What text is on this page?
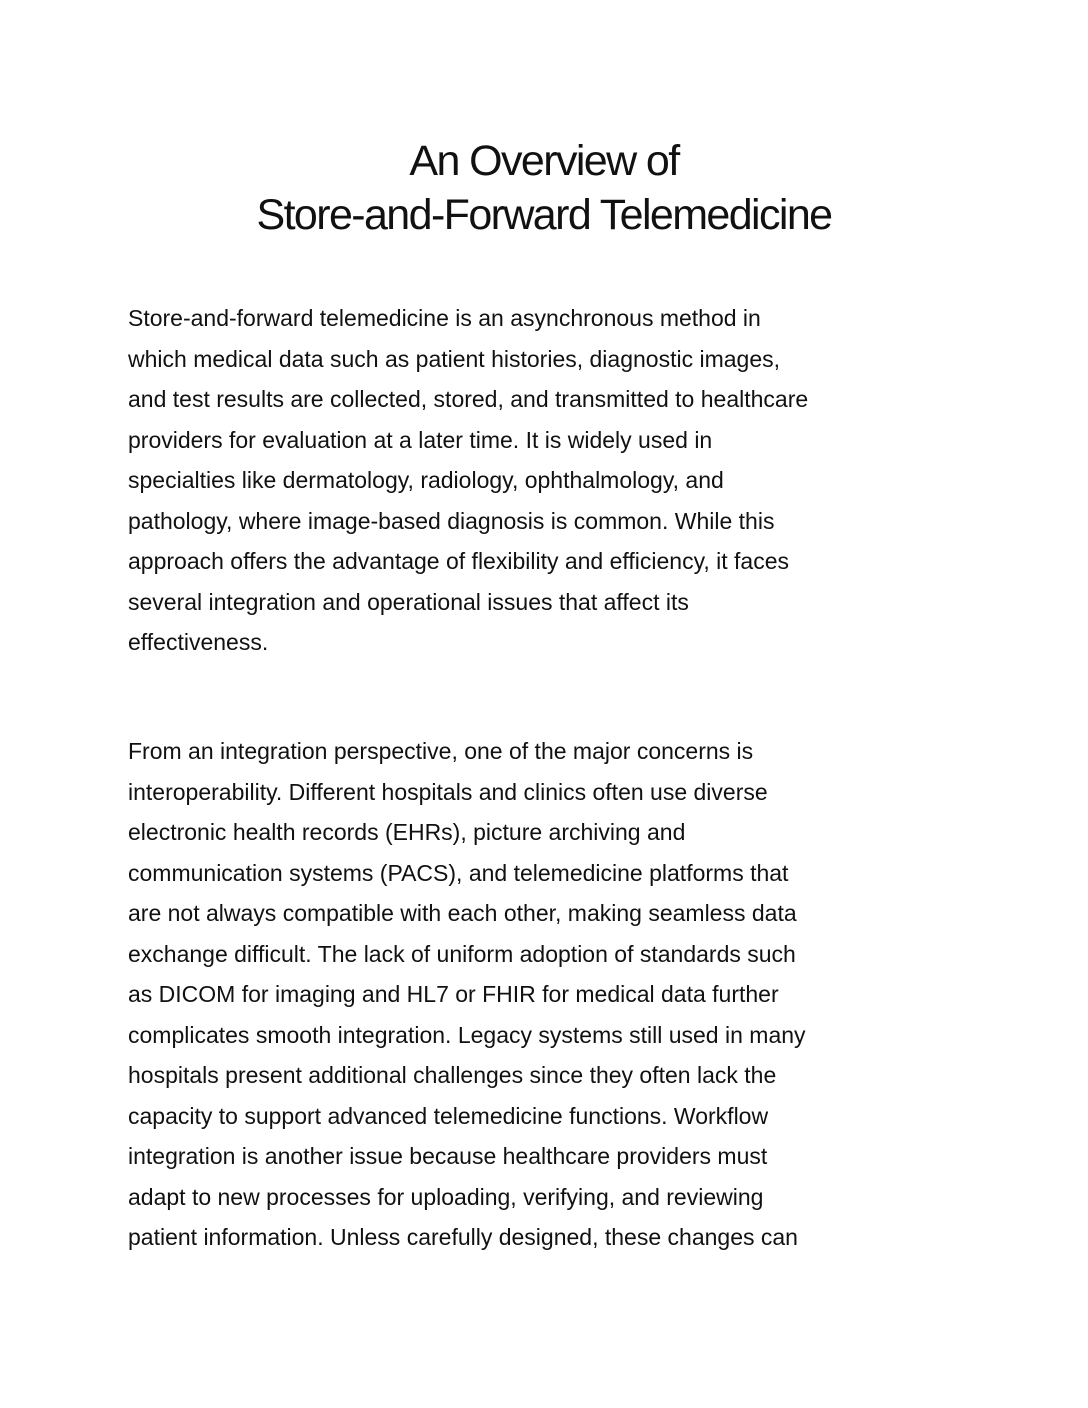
An Overview of
Store-and-Forward Telemedicine

Store-and-forward telemedicine is an asynchronous method in
which medical data such as patient histories, diagnostic images,
and test results are collected, stored, and transmitted to healthcare
providers for evaluation at a later time. It is widely used in
specialties like dermatology, radiology, ophthalmology, and
pathology, where image-based diagnosis is common. While this
approach offers the advantage of flexibility and efficiency, it faces
several integration and operational issues that affect its
effectiveness.

From an integration perspective, one of the major concerns is
interoperability. Different hospitals and clinics often use diverse
electronic health records (EHRs), picture archiving and
communication systems (PACS), and telemedicine platforms that
are not always compatible with each other, making seamless data
exchange difficult. The lack of uniform adoption of standards such
as DICOM for imaging and HL7 or FHIR for medical data further
complicates smooth integration. Legacy systems still used in many
hospitals present additional challenges since they often lack the
capacity to support advanced telemedicine functions. Workflow
integration is another issue because healthcare providers must
adapt to new processes for uploading, verifying, and reviewing
patient information. Unless carefully designed, these changes can
